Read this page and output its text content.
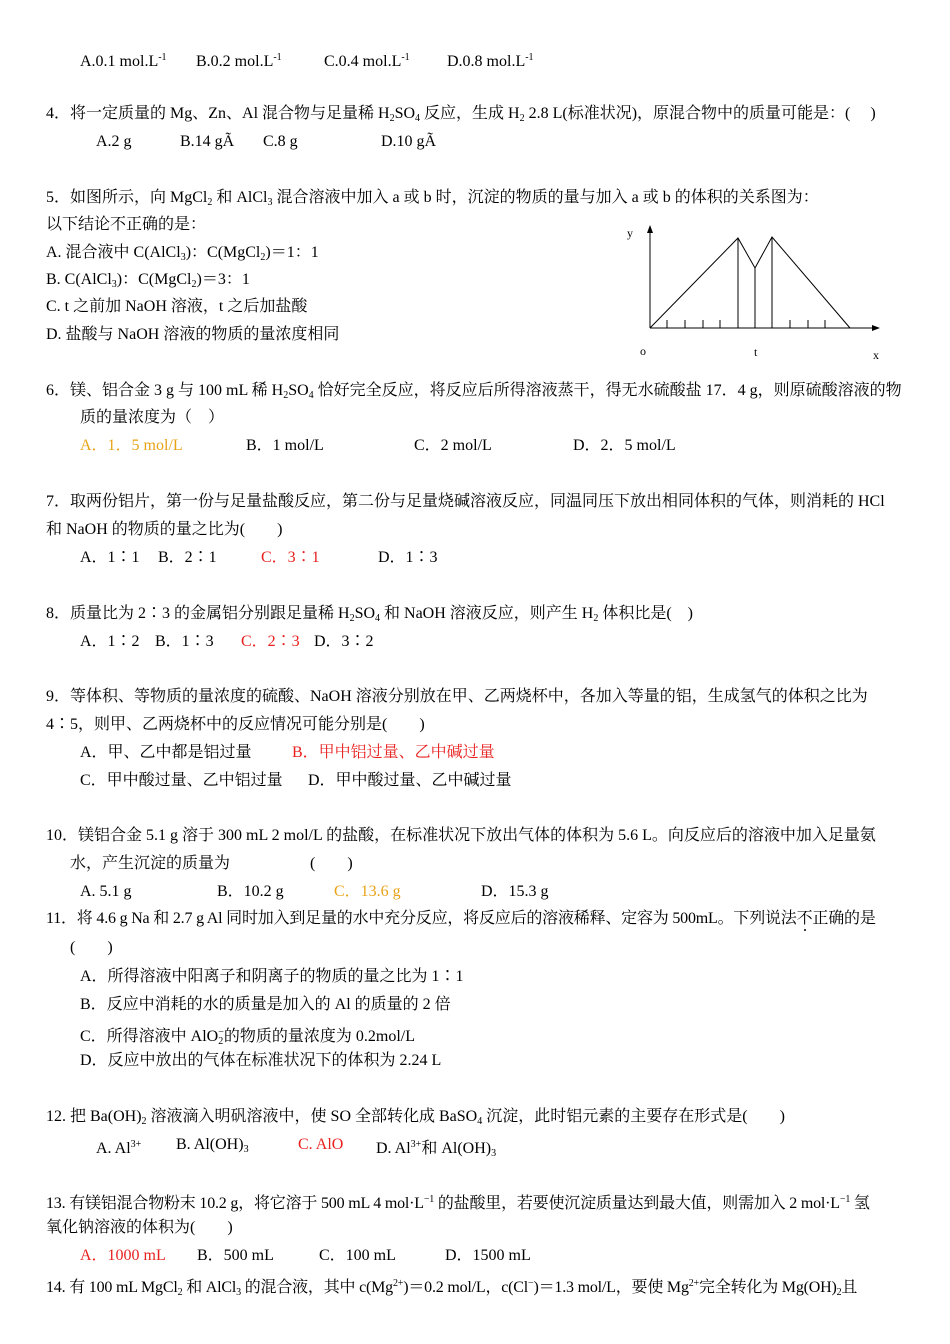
A.0.1 $mol.L^{-1}$ B.0.2 $mol.L^{-1}$	C.0.4 $mol.L^{-1}$ D.0.8 $mol.L^{-1}$
4．将一定质量的 Mg、Zn、Al 混合物与足量稀 $H_2SO_4$ 反应，生成 $H_2$ 2.8 L(标准状况)，原混合物中的质量可能是：(　 )
A.2 g	B.14 gÃ C.8 g	D.10 gÃ
5．如图所示，向 MgCl$_2$ 和 AlCl$_3$ 混合溶液中加入 a 或 b 时，沉淀的物质的量与加入 a 或 b 的体积的关系图为：
以下结论不正确的是：
A. 混合液中 C(AlCl$_3$)：C(MgCl$_2$)＝1：1
B. C(AlCl$_3$)：C(MgCl$_2$)＝3：1
C. t 之前加 NaOH 溶液，t 之后加盐酸
D. 盐酸与 NaOH 溶液的物质的量浓度相同
y
o	t	x
6．镁、铝合金 3 g 与 100 mL 稀 $H_2SO_4$ 恰好完全反应，将反应后所得溶液蒸干，得无水硫酸盐 17．4 g，则原硫酸溶液的物
质的量浓度为（　）
A．1．5 mol/L	B．1 mol/L	C．2 mol/L	D．2．5 mol/L
7．取两份铝片，第一份与足量盐酸反应，第二份与足量烧碱溶液反应，同温同压下放出相同体积的气体，则消耗的 HCl
和 NaOH 的物质的量之比为(　　)
A．1∶1 B．2∶1	C．3∶1	D．1∶3
8．质量比为 2∶3 的金属铝分别跟足量稀 $H_2SO_4$ 和 NaOH 溶液反应，则产生 $H_2$ 体积比是(　)
A．1∶2 B．1∶3 C．2∶3 D．3∶2
9．等体积、等物质的量浓度的硫酸、NaOH 溶液分别放在甲、乙两烧杯中，各加入等量的铝，生成氢气的体积之比为
4∶5，则甲、乙两烧杯中的反应情况可能分别是(　　)
A．甲、乙中都是铝过量	B．甲中铝过量、乙中碱过量
C．甲中酸过量、乙中铝过量 D．甲中酸过量、乙中碱过量
10．镁铝合金 5.1 g 溶于 300 mL 2 mol/L 的盐酸，在标准状况下放出气体的体积为 5.6 L。向反应后的溶液中加入足量氨
水，产生沉淀的质量为　　　　　(　　)
A. 5.1 g	B．10.2 g	C．13.6 g	D．15.3 g
11．将 4.6 g Na 和 2.7 g Al 同时加入到足量的水中充分反应，将反应后的溶液稀释、定容为 500mL。下列说法不正确的是
(　　)
A．所得溶液中阳离子和阴离子的物质的量之比为 1∶1
B．反应中消耗的水的质量是加入的 Al 的质量的 2 倍
C．所得溶液中 AlO$_2$−的物质的量浓度为 0.2mol/L
D．反应中放出的气体在标准状况下的体积为 2.24 L
12. 把 $Ba(OH)_2$ 溶液滴入明矾溶液中，使 SO 全部转化成 BaSO$_4$ 沉淀，此时铝元素的主要存在形式是(　　)
A. $Al^{3+}$ B. $Al(OH)_3$	C. AlO D. $Al^{3+}$和 $Al(OH)_3$
13. 有镁铝混合物粉末 10.2 g，将它溶于 500 mL 4 $mol\cdot L^{-1}$ 的盐酸里，若要使沉淀质量达到最大值，则需加入 2 $mol\cdot L^{-1}$ 氢
氧化钠溶液的体积为(　　)
A．1000 mL B．500 mL	C．100 mL	D．1500 mL
14. 有 100 mL MgCl$_2$ 和 AlCl$_3$ 的混合液，其中 $c(Mg^{2+})=0.2$ mol/L，c(Cl−)＝1.3 mol/L，要使 $Mg^{2+}$完全转化为 $Mg(OH)_2$且
